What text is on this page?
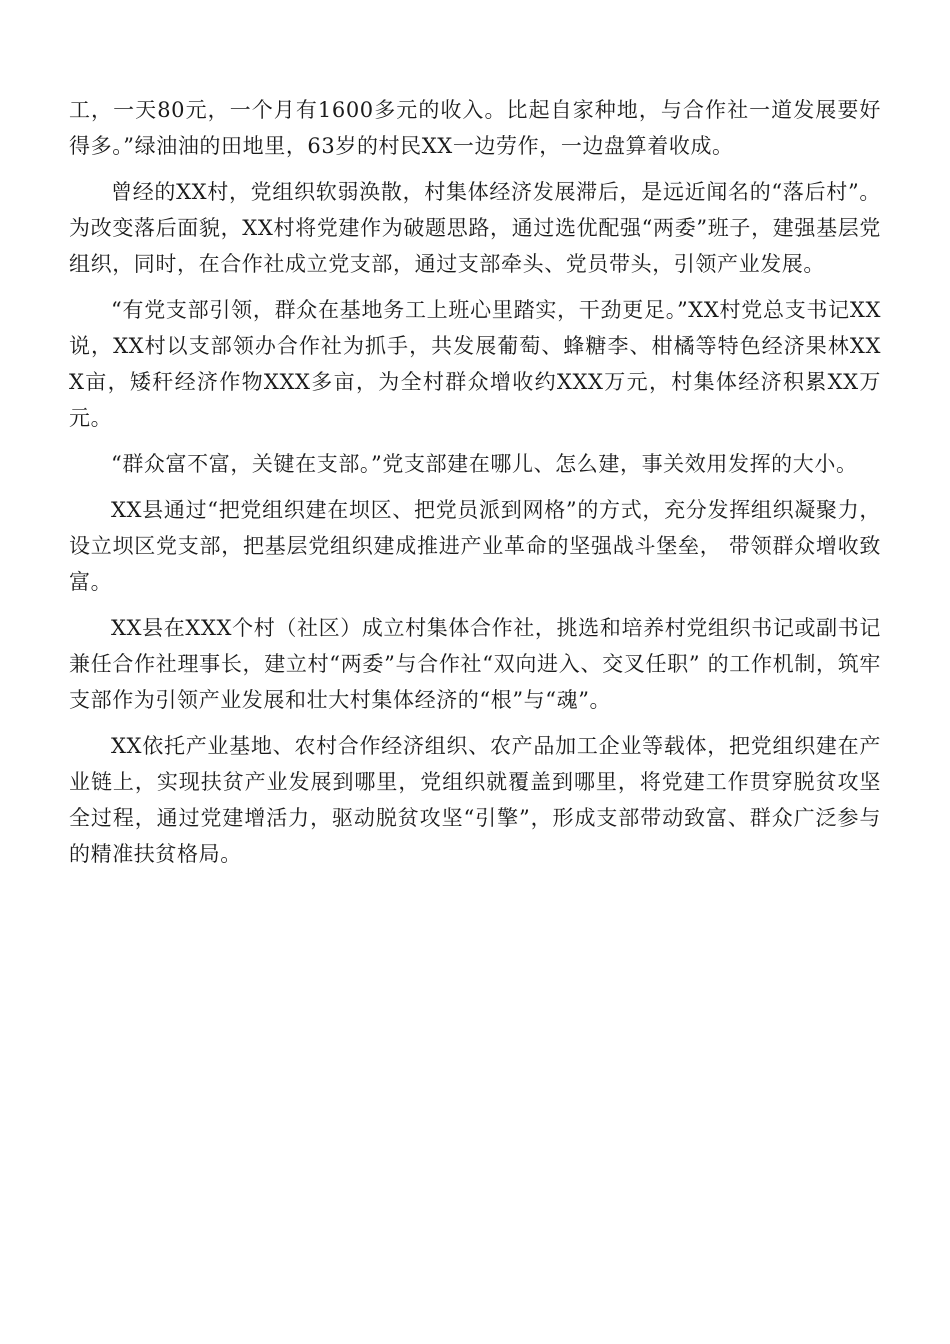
工，一天80元，一个月有1600多元的收入。比起自家种地，与合作社一道发展要好得多。”绿油油的田地里，63岁的村民XX一边劳作，一边盘算着收成。

曾经的XX村，党组织软弱涣散，村集体经济发展滞后，是远近闻名的“落后村”。为改变落后面貌，XX村将党建作为破题思路，通过选优配强“两委”班子，建强基层党组织，同时，在合作社成立党支部，通过支部牵头、党员带头，引领产业发展。

“有党支部引领，群众在基地务工上班心里踏实，干劲更足。”XX村党总支书记XX说，XX村以支部领办合作社为抓手，共发展葡萄、蜂糖李、柑橘等特色经济果林XXX亩，矮秆经济作物XXX多亩，为全村群众增收约XXX万元，村集体经济积累XX万元。

“群众富不富，关键在支部。”党支部建在哪儿、怎么建，事关效用发挥的大小。

XX县通过“把党组织建在坝区、把党员派到网格”的方式，充分发挥组织凝聚力，设立坝区党支部，把基层党组织建成推进产业革命的坚强战斗堡垒， 带领群众增收致富。

XX县在XXX个村（社区）成立村集体合作社，挑选和培养村党组织书记或副书记兼任合作社理事长，建立村“两委”与合作社“双向进入、交叉任职” 的工作机制，筑牢支部作为引领产业发展和壮大村集体经济的“根”与“魂”。

XX依托产业基地、农村合作经济组织、农产品加工企业等载体，把党组织建在产业链上，实现扶贫产业发展到哪里，党组织就覆盖到哪里，将党建工作贯穿脱贫攻坚全过程，通过党建增活力，驱动脱贫攻坚“引擎”，形成支部带动致富、群众广泛参与的精准扶贫格局。
